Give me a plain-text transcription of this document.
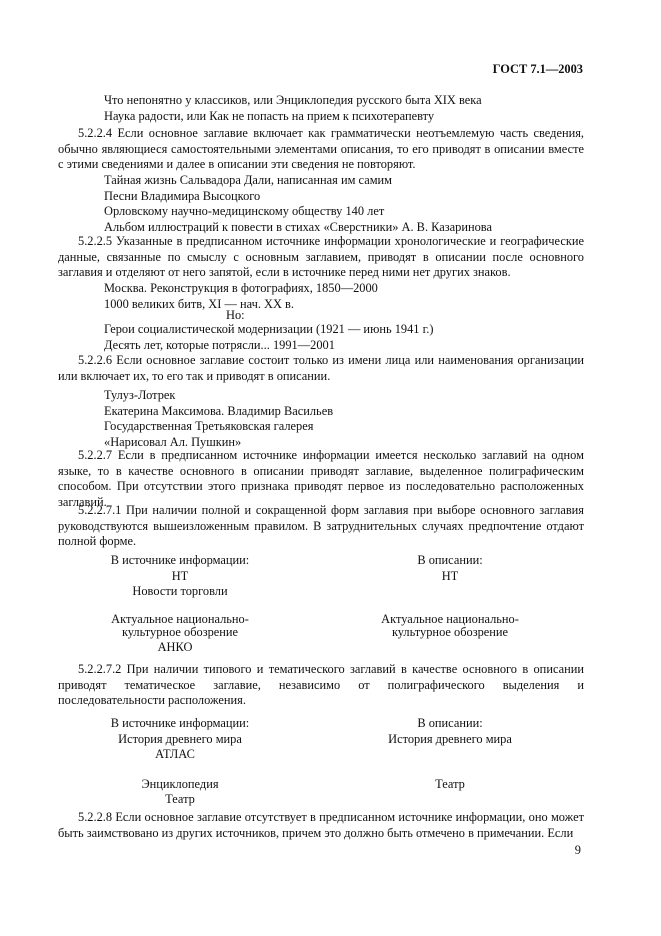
ГОСТ 7.1—2003
Что непонятно у классиков, или Энциклопедия русского быта XIX века
Наука радости, или Как не попасть на прием к психотерапевту
5.2.2.4 Если основное заглавие включает как грамматически неотъемлемую часть сведения, обычно являющиеся самостоятельными элементами описания, то его приводят в описании вместе с этими сведениями и далее в описании эти сведения не повторяют.
Тайная жизнь Сальвадора Дали, написанная им самим
Песни Владимира Высоцкого
Орловскому научно-медицинскому обществу 140 лет
Альбом иллюстраций к повести в стихах «Сверстники» А. В. Казаринова
5.2.2.5 Указанные в предписанном источнике информации хронологические и географические данные, связанные по смыслу с основным заглавием, приводят в описании после основного заглавия и отделяют от него запятой, если в источнике перед ними нет других знаков.
Москва. Реконструкция в фотографиях, 1850—2000
1000 великих битв, XI — нач. XX в.
Но:
Герои социалистической модернизации (1921 — июнь 1941 г.)
Десять лет, которые потрясли... 1991—2001
5.2.2.6 Если основное заглавие состоит только из имени лица или наименования организации или включает их, то его так и приводят в описании.
Тулуз-Лотрек
Екатерина Максимова. Владимир Васильев
Государственная Третьяковская галерея
«Нарисовал Ал. Пушкин»
5.2.2.7 Если в предписанном источнике информации имеется несколько заглавий на одном языке, то в качестве основного в описании приводят заглавие, выделенное полиграфическим способом. При отсутствии этого признака приводят первое из последовательно расположенных заглавий.
5.2.2.7.1 При наличии полной и сокращенной форм заглавия при выборе основного заглавия руководствуются вышеизложенным правилом. В затруднительных случаях предпочтение отдают полной форме.
В источнике информации:	В описании:
НТ	НТ
Новости торговли
Актуальное национально-	Актуальное национально-
культурное обозрение	культурное обозрение
АНКО
5.2.2.7.2 При наличии типового и тематического заглавий в качестве основного в описании приводят тематическое заглавие, независимо от полиграфического выделения и последовательности расположения.
В источнике информации:	В описании:
История древнего мира	История древнего мира
АТЛАС
Энциклопедия	Театр
Театр
5.2.2.8 Если основное заглавие отсутствует в предписанном источнике информации, оно может быть заимствовано из других источников, причем это должно быть отмечено в примечании. Если
9
